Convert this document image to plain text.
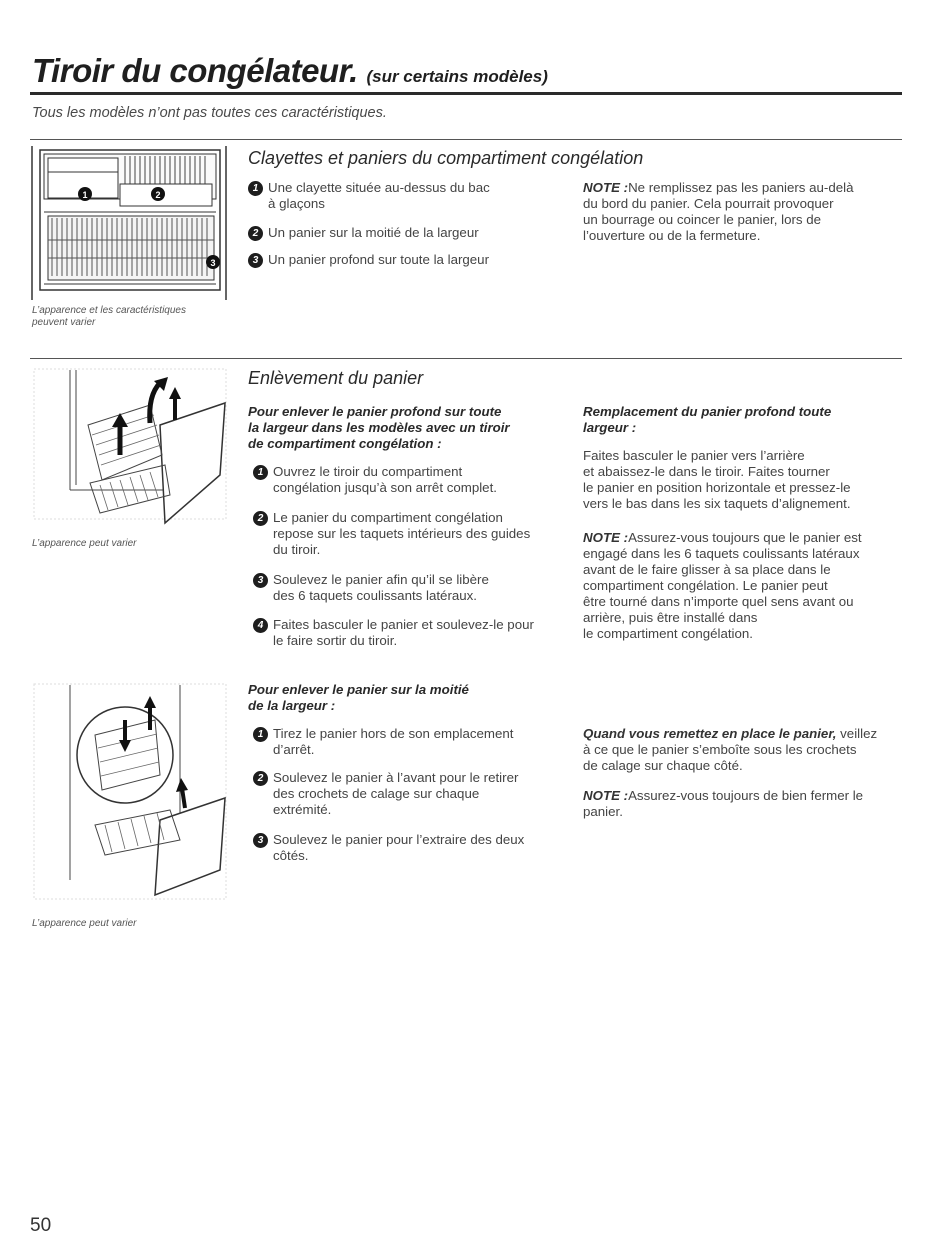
Tiroir du congélateur. (sur certains modèles)
Tous les modèles n’ont pas toutes ces caractéristiques.
1	2
3
L’apparence et les caractéristiques
peuvent varier
Clayettes et paniers du compartiment congélation
1 Une clayette située au-dessus du bac
à glaçons
2 Un panier sur la moitié de la largeur
3 Un panier profond sur toute la largeur
NOTE :Ne remplissez pas les paniers au-delà
du bord du panier. Cela pourrait provoquer
un bourrage ou coincer le panier, lors de
l’ouverture ou de la fermeture.
L’apparence peut varier
Enlèvement du panier
Pour enlever le panier profond sur toute
la largeur dans les modèles avec un tiroir
de compartiment congélation :
1 Ouvrez le tiroir du compartiment
congélation jusqu’à son arrêt complet.
2 Le panier du compartiment congélation
repose sur les taquets intérieurs des guides
du tiroir.
3 Soulevez le panier afin qu’il se libère
des 6 taquets coulissants latéraux.
4 Faites basculer le panier et soulevez-le pour
le faire sortir du tiroir.
Remplacement du panier profond toute
largeur :
Faites basculer le panier vers l’arrière
et abaissez-le dans le tiroir. Faites tourner
le panier en position horizontale et pressez-le
vers le bas dans les six taquets d’alignement.
NOTE :Assurez-vous toujours que le panier est
engagé dans les 6 taquets coulissants latéraux
avant de le faire glisser à sa place dans le
compartiment congélation. Le panier peut
être tourné dans n’importe quel sens avant ou
arrière, puis être installé dans
le compartiment congélation.
L’apparence peut varier
Pour enlever le panier sur la moitié
de la largeur :
1 Tirez le panier hors de son emplacement
d’arrêt.
2 Soulevez le panier à l’avant pour le retirer
des crochets de calage sur chaque
extrémité.
3 Soulevez le panier pour l’extraire des deux
côtés.
Quand vous remettez en place le panier, veillez
à ce que le panier s’emboîte sous les crochets
de calage sur chaque côté.
NOTE :Assurez-vous toujours de bien fermer le
panier.
50
